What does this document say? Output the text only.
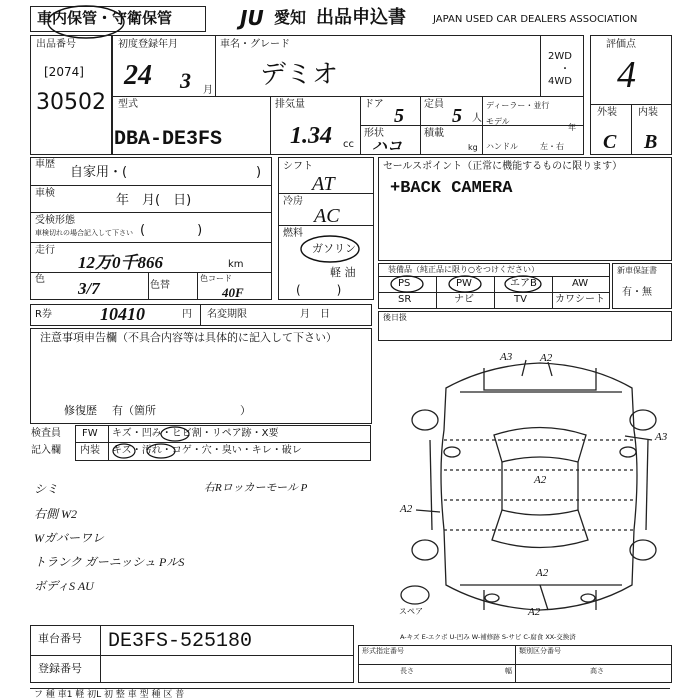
車内保管・守衛保管	JU 愛知 出品申込書	JAPAN USED CAR DEALERS ASSOCIATION
出品番号
[2074]
30502
初度登録年月
24 3 月
車名・グレード
デミオ
2WD
・
4WD
型式
DBA-DE3FS
排気量
1.34 cc
ドア
5
定員
5 人
形状
ハコ
積載
kg
ディーラー・並行
モデル
年
ハンドル	左・右
評価点
4
外装 内装
C B
車歴
自家用・(	)
車検	年　月(　日)
受検形態
車検切れの場合記入して下さい (　　　　)
走行
12万0千866	km
色 3/7	色替
色コード
40F
シフト
AT
冷房
AC
燃料
ガソリン
軽 油
(　　　)
セールスポイント（正常に機能するものに限ります）
+BACK CAMERA
装備品（純正品に限り○をつけください）
PS	PW	エアB	AW
SR	ナビ	TV	カワシート
新車保証書
有・無
R券	10410	円 名変期限	月　日	後日扱
注意事項申告欄（不具合内容等は具体的に記入して下さい）
修復歴 有（箇所	）
検査員
記入欄
FW キズ・凹み・ヒビ割・リペア跡・X要
内装 キズ・汚れ・コゲ・穴・臭い・キレ・破レ
シミ	右Rロッカーモール P
右側 W2
Wガバーワレ
トランク ガーニッシュ PルS
ボディS AU
A3	A2
A3
A2
A2
A2
A2
スペア
A-キズ E-エクボ U-凹み W-補修跡 S-サビ C-腐食 XX-交換済
車台番号 DE3FS-525180
登録番号
形式指定番号	類別区分番号
長さ	幅	高さ
フ 種 車1 軽 初L 初 整 車 型 種 区 普
